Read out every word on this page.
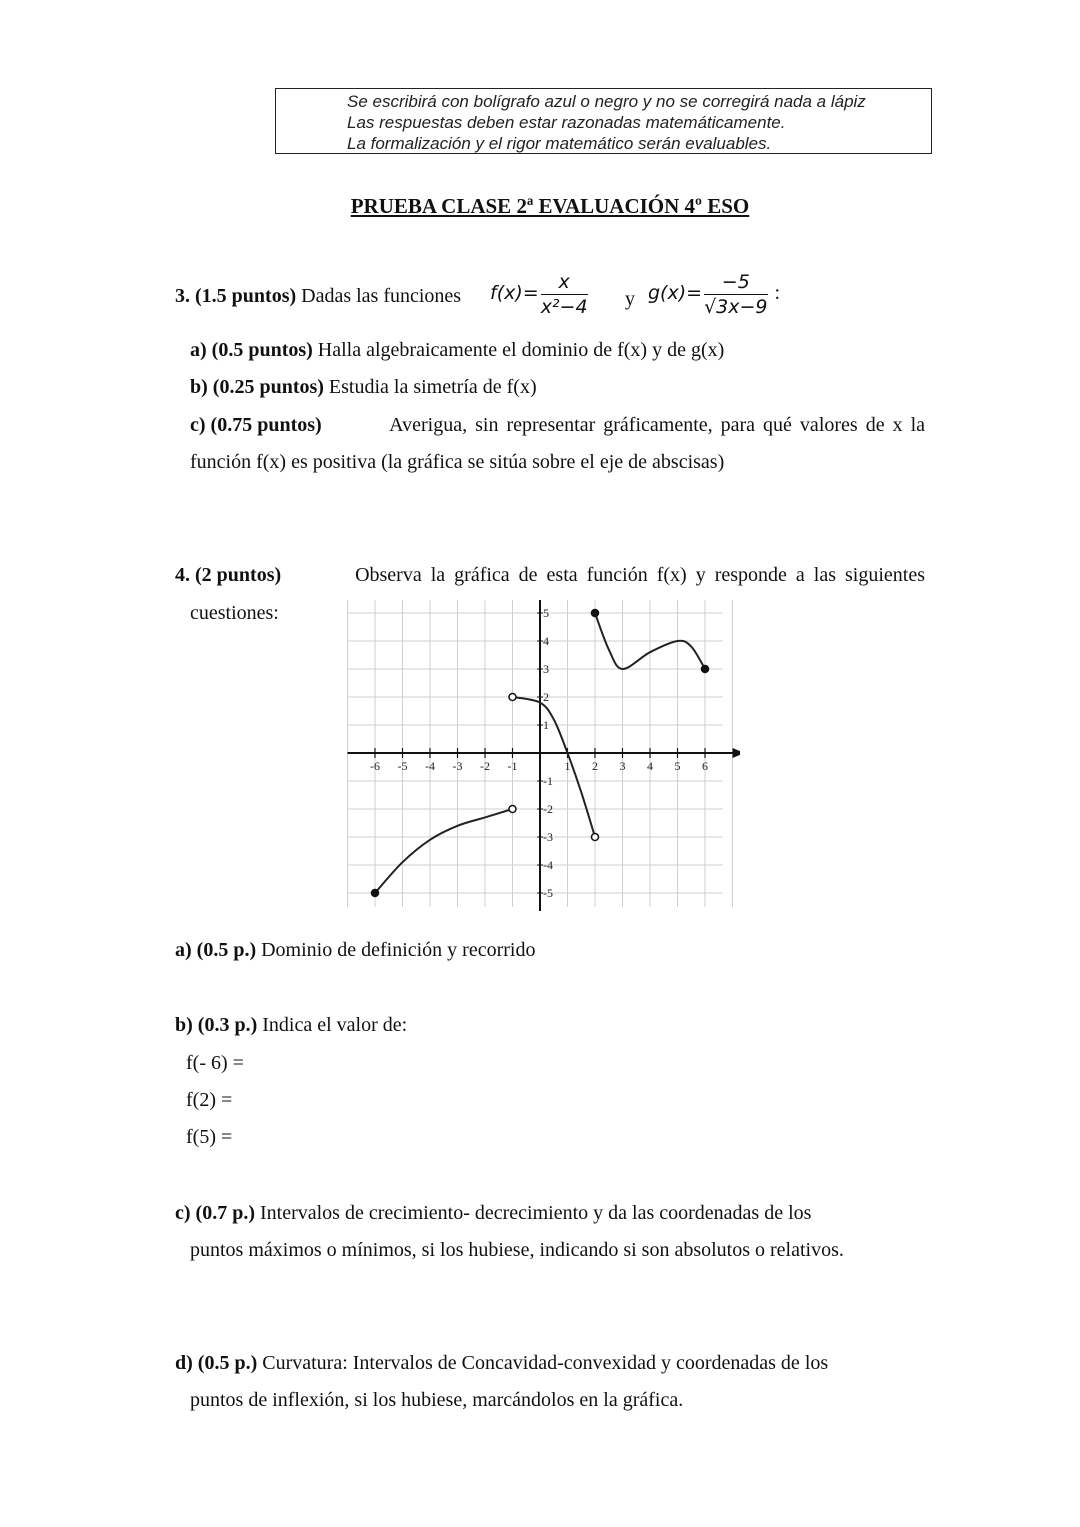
Se escribirá con bolígrafo azul o negro y no se corregirá nada a lápiz
Las respuestas deben estar razonadas matemáticamente.
La formalización y el rigor matemático serán evaluables.
PRUEBA CLASE 2ª EVALUACIÓN 4º ESO
3. (1.5 puntos) Dadas las funciones $f(x)= \frac{x}{\text{x²−4}}$ y $g(x)= \frac{-5}{√3x-9}$ :
a) (0.5 puntos) Halla algebraicamente el dominio de f(x) y de g(x)
b) (0.25 puntos) Estudia la simetría de f(x)
c) (0.75 puntos)	Averigua, sin representar gráficamente, para qué valores de x la
función f(x) es positiva (la gráfica se sitúa sobre el eje de abscisas)
4. (2 puntos)	Observa la gráfica de esta función f(x) y responde a las siguientes
cuestiones:
-6 -5 -4 -3 -2 -1	1 2 3 4 5 6
5
4
3
2
1
-1
-2
-3
-4
-5
a) (0.5 p.) Dominio de definición y recorrido
b) (0.3 p.) Indica el valor de:
f(- 6) =
f(2) =
f(5) =
c) (0.7 p.) Intervalos de crecimiento- decrecimiento y da las coordenadas de los
puntos máximos o mínimos, si los hubiese, indicando si son absolutos o relativos.
d) (0.5 p.) Curvatura: Intervalos de Concavidad-convexidad y coordenadas de los
puntos de inflexión, si los hubiese, marcándolos en la gráfica.
